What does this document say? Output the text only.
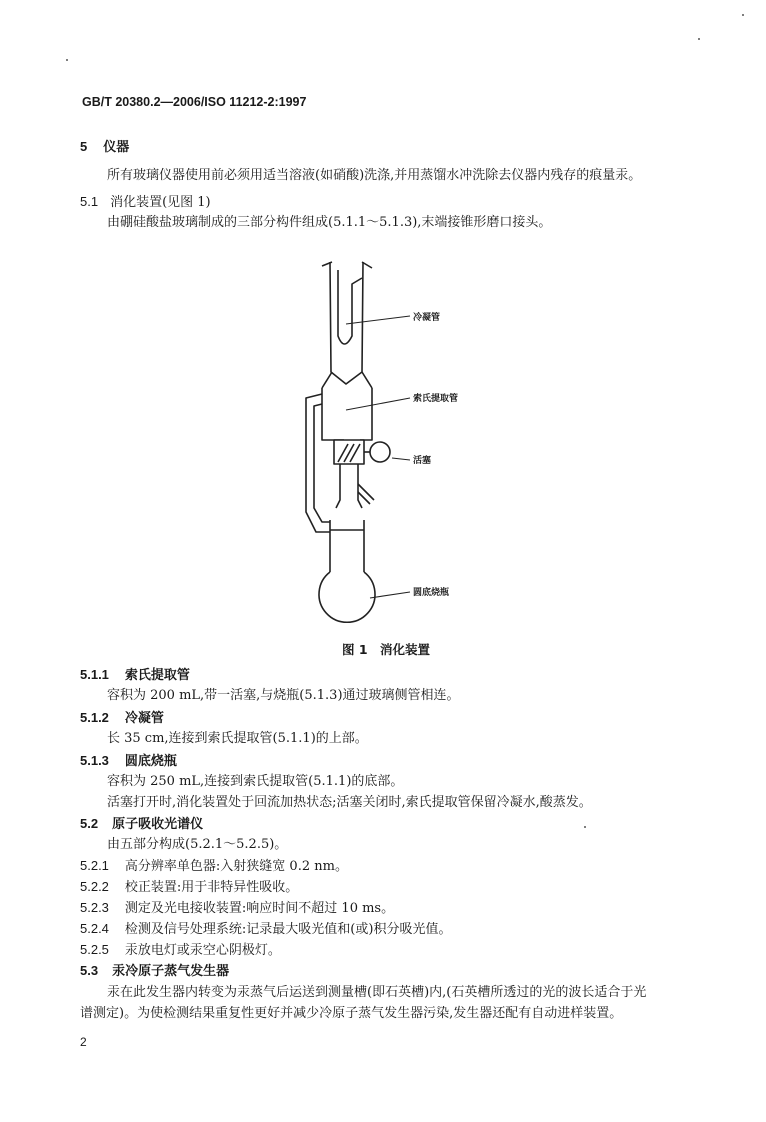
GB/T 20380.2—2006/ISO 11212-2:1997
5 仪器
所有玻璃仪器使用前必须用适当溶液(如硝酸)洗涤,并用蒸馏水冲洗除去仪器内残存的痕量汞。
5.1 消化装置(见图 1)
由硼硅酸盐玻璃制成的三部分构件组成(5.1.1～5.1.3),末端接锥形磨口接头。
冷凝管
索氏提取管
活塞
圆底烧瓶
图 1　消化装置
5.1.1 索氏提取管
容积为 200 mL,带一活塞,与烧瓶(5.1.3)通过玻璃侧管相连。
5.1.2 冷凝管
长 35 cm,连接到索氏提取管(5.1.1)的上部。
5.1.3 圆底烧瓶
容积为 250 mL,连接到索氏提取管(5.1.1)的底部。
活塞打开时,消化装置处于回流加热状态;活塞关闭时,索氏提取管保留冷凝水,酸蒸发。
5.2 原子吸收光谱仪
由五部分构成(5.2.1～5.2.5)。
5.2.1 高分辨率单色器:入射狭缝宽 0.2 nm。
5.2.2 校正装置:用于非特异性吸收。
5.2.3 测定及光电接收装置:响应时间不超过 10 ms。
5.2.4 检测及信号处理系统:记录最大吸光值和(或)积分吸光值。
5.2.5 汞放电灯或汞空心阴极灯。
5.3 汞冷原子蒸气发生器
汞在此发生器内转变为汞蒸气后运送到测量槽(即石英槽)内,(石英槽所透过的光的波长适合于光
谱测定)。为使检测结果重复性更好并减少冷原子蒸气发生器污染,发生器还配有自动进样装置。
2
